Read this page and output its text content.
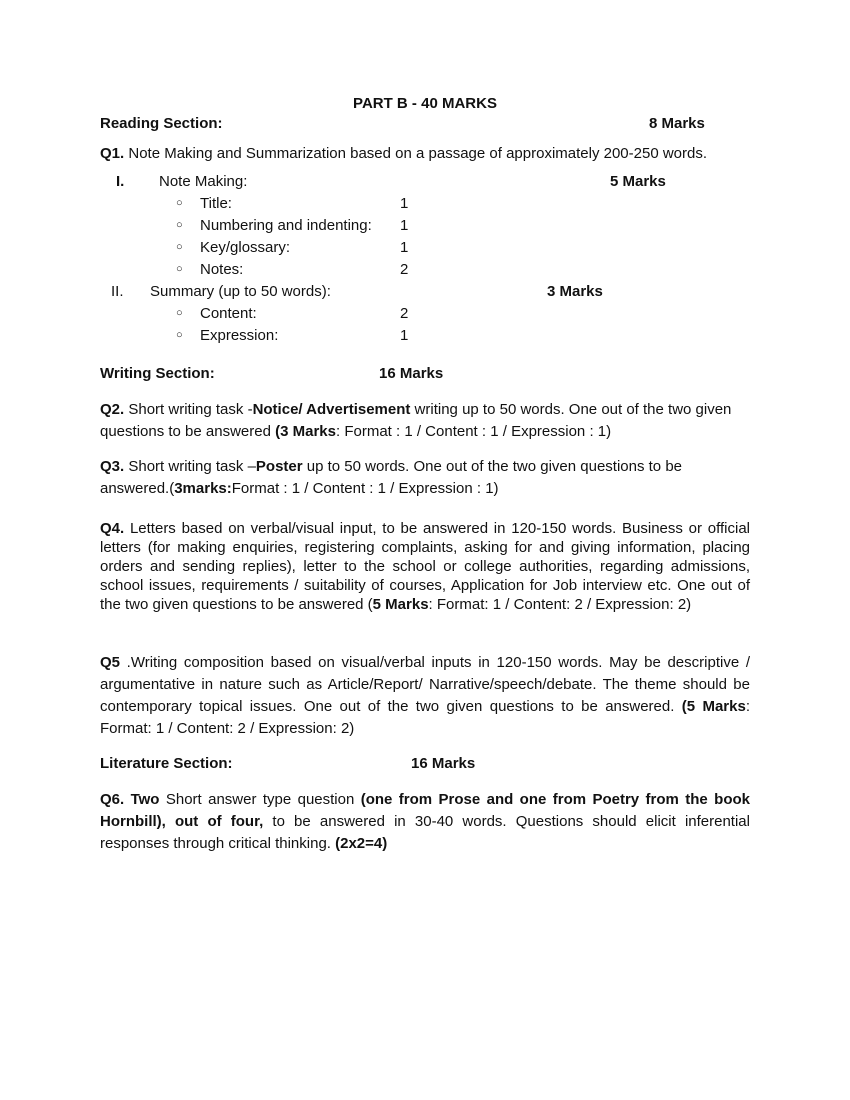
PART B - 40 MARKS
Reading Section:	8 Marks

Q1. Note Making and Summarization based on a passage of approximately 200-250 words.

I. Note Making:	5 Marks
○ Title:	1
○ Numbering and indenting: 1
○ Key/glossary:	1
○ Notes:	2
II. Summary (up to 50 words):	3 Marks
○ Content:	2
○ Expression:	1
Writing Section:	16 Marks

Q2. Short writing task -Notice/ Advertisement writing up to 50 words. One out of the two given questions to be answered (3 Marks: Format : 1 / Content : 1 / Expression : 1)

Q3. Short writing task –Poster up to 50 words. One out of the two given questions to be answered.(3marks:Format : 1 / Content : 1 / Expression : 1)

Q4. Letters based on verbal/visual input, to be answered in 120-150 words. Business or official letters (for making enquiries, registering complaints, asking for and giving information, placing orders and sending replies), letter to the school or college authorities, regarding admissions, school issues, requirements / suitability of courses, Application for Job interview etc. One out of the two given questions to be answered (5 Marks: Format: 1 / Content: 2 / Expression: 2)

Q5 .Writing composition based on visual/verbal inputs in 120-150 words. May be descriptive / argumentative in nature such as Article/Report/ Narrative/speech/debate. The theme should be contemporary topical issues. One out of the two given questions to be answered. (5 Marks: Format: 1 / Content: 2 / Expression: 2)

Literature Section:	16 Marks

Q6. Two Short answer type question (one from Prose and one from Poetry from the book Hornbill), out of four, to be answered in 30-40 words. Questions should elicit inferential responses through critical thinking. (2x2=4)
